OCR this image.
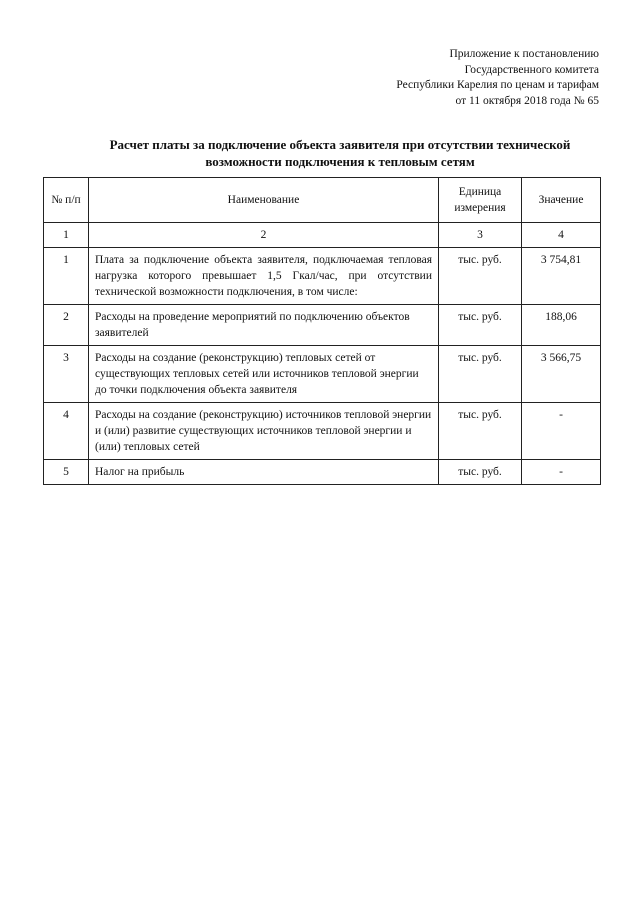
Приложение к постановлению
Государственного комитета
Республики Карелия по ценам и тарифам
от 11 октября 2018 года № 65
Расчет платы за подключение объекта заявителя при отсутствии технической
возможности подключения к тепловым сетям
№ п/п	Наименование	Единица измерения	Значение
1	2	3	4
1	Плата за подключение объекта заявителя, подключаемая тепловая нагрузка которого превышает 1,5 Гкал/час, при отсутствии технической возможности подключения, в том числе:	тыс. руб.	3 754,81
2	Расходы на проведение мероприятий по подключению объектов заявителей	тыс. руб.	188,06
3	Расходы на создание (реконструкцию) тепловых сетей от существующих тепловых сетей или источников тепловой энергии до точки подключения объекта заявителя	тыс. руб.	3 566,75
4	Расходы на создание (реконструкцию) источников тепловой энергии и (или) развитие существующих источников тепловой энергии и (или) тепловых сетей	тыс. руб.	-
5	Налог на прибыль	тыс. руб.	-
